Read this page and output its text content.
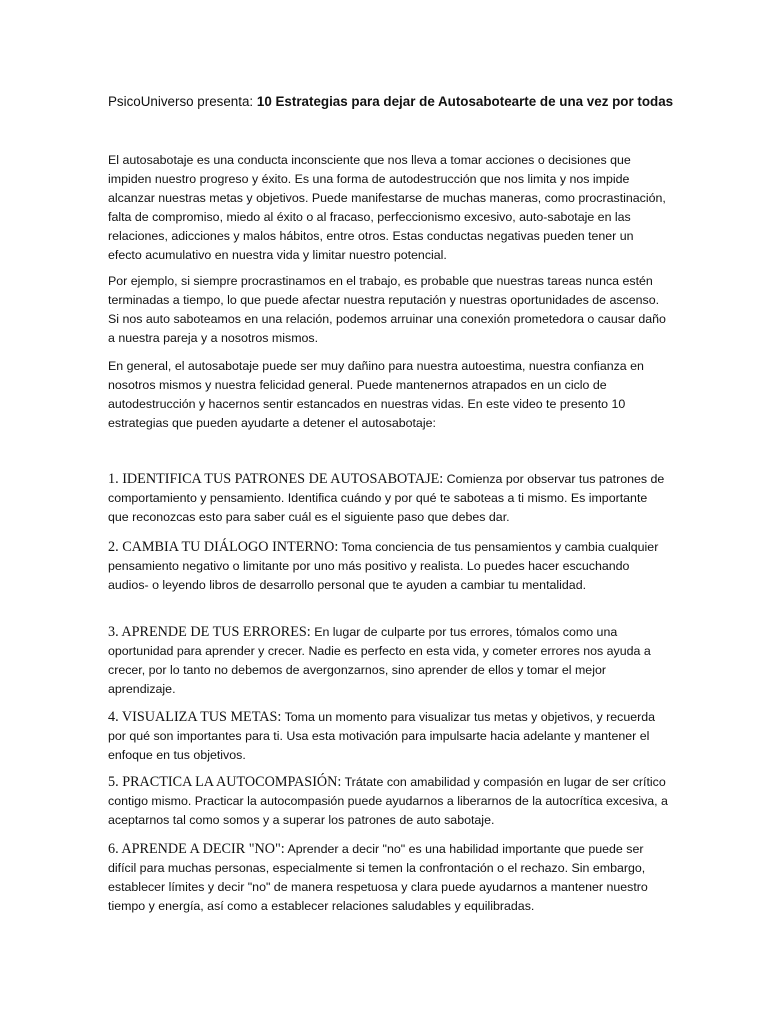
PsicoUniverso presenta: 10 Estrategias para dejar de Autosabotearte de una vez por todas

El autosabotaje es una conducta inconsciente que nos lleva a tomar acciones o decisiones que impiden nuestro progreso y éxito. Es una forma de autodestrucción que nos limita y nos impide alcanzar nuestras metas y objetivos. Puede manifestarse de muchas maneras, como procrastinación, falta de compromiso, miedo al éxito o al fracaso, perfeccionismo excesivo, auto-sabotaje en las relaciones, adicciones y malos hábitos, entre otros. Estas conductas negativas pueden tener un efecto acumulativo en nuestra vida y limitar nuestro potencial.

Por ejemplo, si siempre procrastinamos en el trabajo, es probable que nuestras tareas nunca estén terminadas a tiempo, lo que puede afectar nuestra reputación y nuestras oportunidades de ascenso. Si nos auto saboteamos en una relación, podemos arruinar una conexión prometedora o causar daño a nuestra pareja y a nosotros mismos.

En general, el autosabotaje puede ser muy dañino para nuestra autoestima, nuestra confianza en nosotros mismos y nuestra felicidad general. Puede mantenernos atrapados en un ciclo de autodestrucción y hacernos sentir estancados en nuestras vidas. En este video te presento 10 estrategias que pueden ayudarte a detener el autosabotaje:

1. IDENTIFICA TUS PATRONES DE AUTOSABOTAJE: Comienza por observar tus patrones de comportamiento y pensamiento. Identifica cuándo y por qué te saboteas a ti mismo. Es importante que reconozcas esto para saber cuál es el siguiente paso que debes dar.

2. CAMBIA TU DIÁLOGO INTERNO: Toma conciencia de tus pensamientos y cambia cualquier pensamiento negativo o limitante por uno más positivo y realista. Lo puedes hacer escuchando audios- o leyendo libros de desarrollo personal que te ayuden a cambiar tu mentalidad.

3. APRENDE DE TUS ERRORES: En lugar de culparte por tus errores, tómalos como una oportunidad para aprender y crecer. Nadie es perfecto en esta vida, y cometer errores nos ayuda a crecer, por lo tanto no debemos de avergonzarnos, sino aprender de ellos y tomar el mejor aprendizaje.

4. VISUALIZA TUS METAS: Toma un momento para visualizar tus metas y objetivos, y recuerda por qué son importantes para ti. Usa esta motivación para impulsarte hacia adelante y mantener el enfoque en tus objetivos.

5. PRACTICA LA AUTOCOMPASIÓN: Trátate con amabilidad y compasión en lugar de ser crítico contigo mismo. Practicar la autocompasión puede ayudarnos a liberarnos de la autocrítica excesiva, a aceptarnos tal como somos y a superar los patrones de auto sabotaje.

6. APRENDE A DECIR "NO": Aprender a decir "no" es una habilidad importante que puede ser difícil para muchas personas, especialmente si temen la confrontación o el rechazo. Sin embargo, establecer límites y decir "no" de manera respetuosa y clara puede ayudarnos a mantener nuestro tiempo y energía, así como a establecer relaciones saludables y equilibradas.
